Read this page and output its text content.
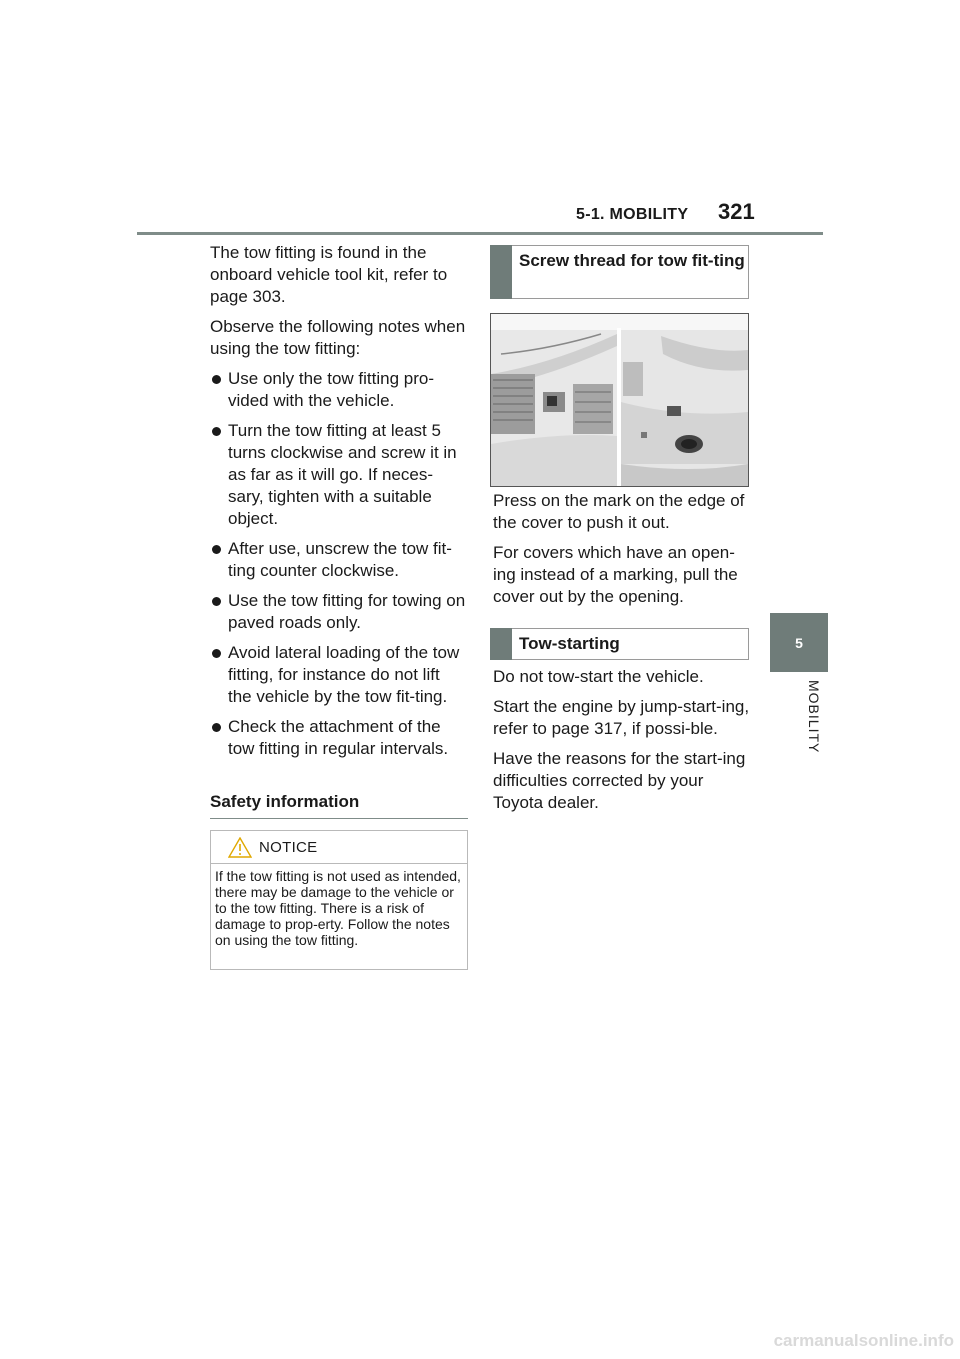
5-1. MOBILITY 321
5
MOBILITY

The tow fitting is found in the onboard vehicle tool kit, refer to page 303.

Observe the following notes when using the tow fitting:

Use only the tow fitting pro-vided with the vehicle.
Turn the tow fitting at least 5 turns clockwise and screw it in as far as it will go. If neces-sary, tighten with a suitable object.
After use, unscrew the tow fit-ting counter clockwise.
Use the tow fitting for towing on paved roads only.
Avoid lateral loading of the tow fitting, for instance do not lift the vehicle by the tow fit-ting.
Check the attachment of the tow fitting in regular intervals.
Safety information
NOTICE
If the tow fitting is not used as intended, there may be damage to the vehicle or to the tow fitting. There is a risk of damage to prop-erty. Follow the notes on using the tow fitting.
Screw thread for tow fit-ting

Press on the mark on the edge of the cover to push it out.

For covers which have an open-ing instead of a marking, pull the cover out by the opening.

Tow-starting

Do not tow-start the vehicle.

Start the engine by jump-start-ing, refer to page 317, if possi-ble.

Have the reasons for the start-ing difficulties corrected by your Toyota dealer.

carmanualsonline.info
